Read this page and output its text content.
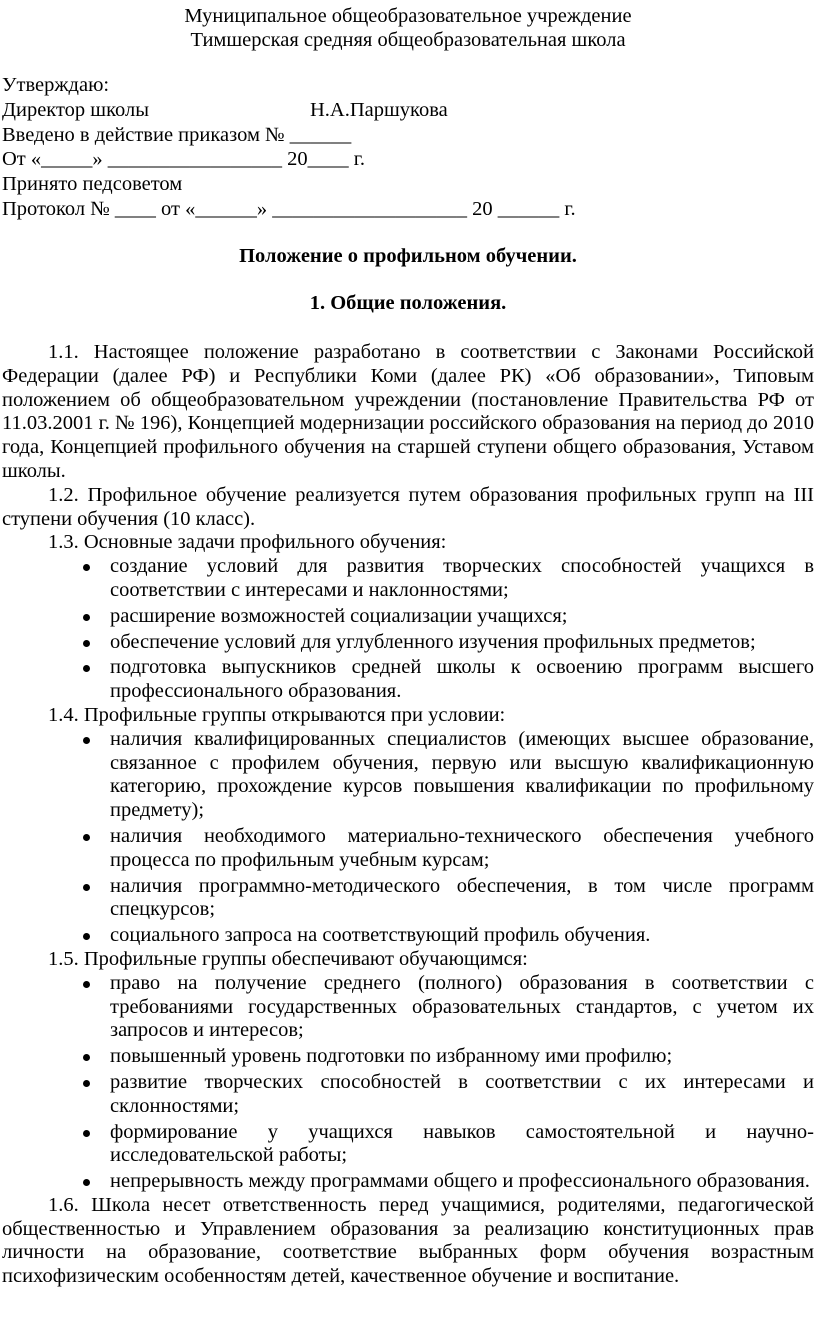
Муниципальное общеобразовательное учреждение
Тимшерская средняя общеобразовательная школа
Утверждаю:
Директор школы	Н.А.Паршукова
Введено в действие приказом № ______
От «_____» _________________ 20____ г.
Принято педсоветом
Протокол № ____ от «______» ___________________ 20 ______ г.
Положение о профильном обучении.
1. Общие положения.

1.1. Настоящее положение разработано в соответствии с Законами Российской Федерации (далее РФ) и Республики Коми (далее РК) «Об образовании», Типовым положением об общеобразовательном учреждении (постановление Правительства РФ от 11.03.2001 г. № 196), Концепцией модернизации российского образования на период до 2010 года, Концепцией профильного обучения на старшей ступени общего образования, Уставом школы.

1.2. Профильное обучение реализуется путем образования профильных групп на III ступени обучения (10 класс).

1.3. Основные задачи профильного обучения:

создание условий для развития творческих способностей учащихся в соответствии с интересами и наклонностями;
расширение возможностей социализации учащихся;
обеспечение условий для углубленного изучения профильных предметов;
подготовка выпускников средней школы к освоению программ высшего профессионального образования.

1.4. Профильные группы открываются при условии:

наличия квалифицированных специалистов (имеющих высшее образование, связанное с профилем обучения, первую или высшую квалификационную категорию, прохождение курсов повышения квалификации по профильному предмету);
наличия необходимого материально-технического обеспечения учебного процесса по профильным учебным курсам;
наличия программно-методического обеспечения, в том числе программ спецкурсов;
социального запроса на соответствующий профиль обучения.

1.5. Профильные группы обеспечивают обучающимся:

право на получение среднего (полного) образования в соответствии с требованиями государственных образовательных стандартов, с учетом их запросов и интересов;
повышенный уровень подготовки по избранному ими профилю;
развитие творческих способностей в соответствии с их интересами и склонностями;
формирование у учащихся навыков самостоятельной и научно-исследовательской работы;
непрерывность между программами общего и профессионального образования.

1.6. Школа несет ответственность перед учащимися, родителями, педагогической общественностью и Управлением образования за реализацию конституционных прав личности на образование, соответствие выбранных форм обучения возрастным психофизическим особенностям детей, качественное обучение и воспитание.
